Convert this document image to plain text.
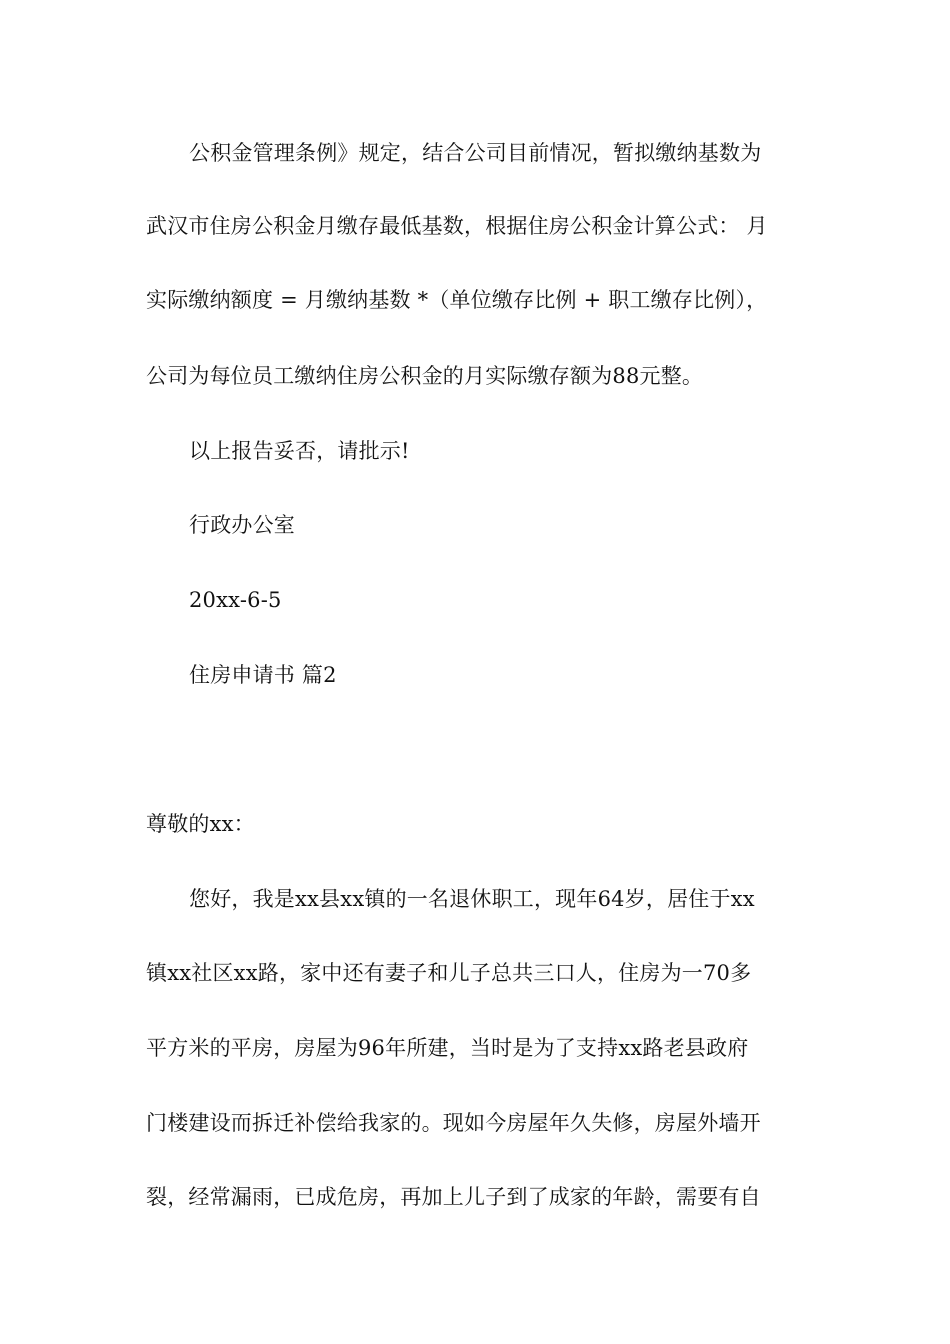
公积金管理条例》规定，结合公司目前情况，暂拟缴纳基数为
武汉市住房公积金月缴存最低基数，根据住房公积金计算公式： 月
实际缴纳额度 = 月缴纳基数 *（单位缴存比例 + 职工缴存比例），
公司为每位员工缴纳住房公积金的月实际缴存额为88元整。
以上报告妥否，请批示!
行政办公室
20xx-6-5
住房申请书 篇2
尊敬的xx：
您好，我是xx县xx镇的一名退休职工，现年64岁，居住于xx
镇xx社区xx路，家中还有妻子和儿子总共三口人，住房为一70多
平方米的平房，房屋为96年所建，当时是为了支持xx路老县政府
门楼建设而拆迁补偿给我家的。现如今房屋年久失修，房屋外墙开
裂，经常漏雨，已成危房，再加上儿子到了成家的年龄，需要有自
